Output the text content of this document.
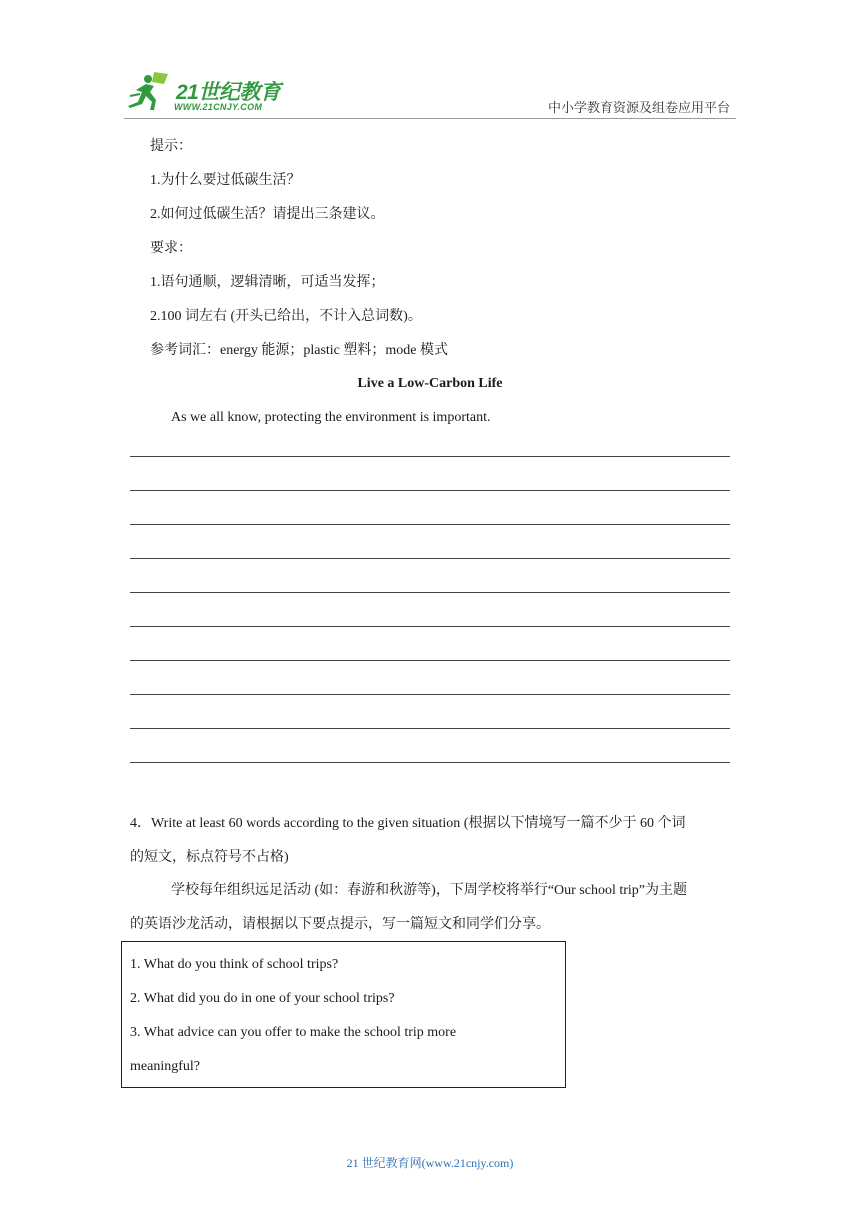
21世纪教育
WWW.21CNJY.COM	中小学教育资源及组卷应用平台
提示：
1.为什么要过低碳生活？
2.如何过低碳生活？请提出三条建议。
要求：
1.语句通顺，逻辑清晰，可适当发挥；
2.100 词左右 (开头已给出，不计入总词数)。
参考词汇：energy 能源；plastic 塑料；mode 模式
Live a Low-Carbon Life
As we all know, protecting the environment is important.
4．Write at least 60 words according to the given situation (根据以下情境写一篇不少于 60 个词
的短文，标点符号不占格)
学校每年组织远足活动 (如：春游和秋游等)，下周学校将举行“Our school trip”为主题
的英语沙龙活动，请根据以下要点提示，写一篇短文和同学们分享。
1. What do you think of school trips?
2. What did you do in one of your school trips?
3. What advice can you offer to make the school trip more
meaningful?
21 世纪教育网(www.21cnjy.com)
